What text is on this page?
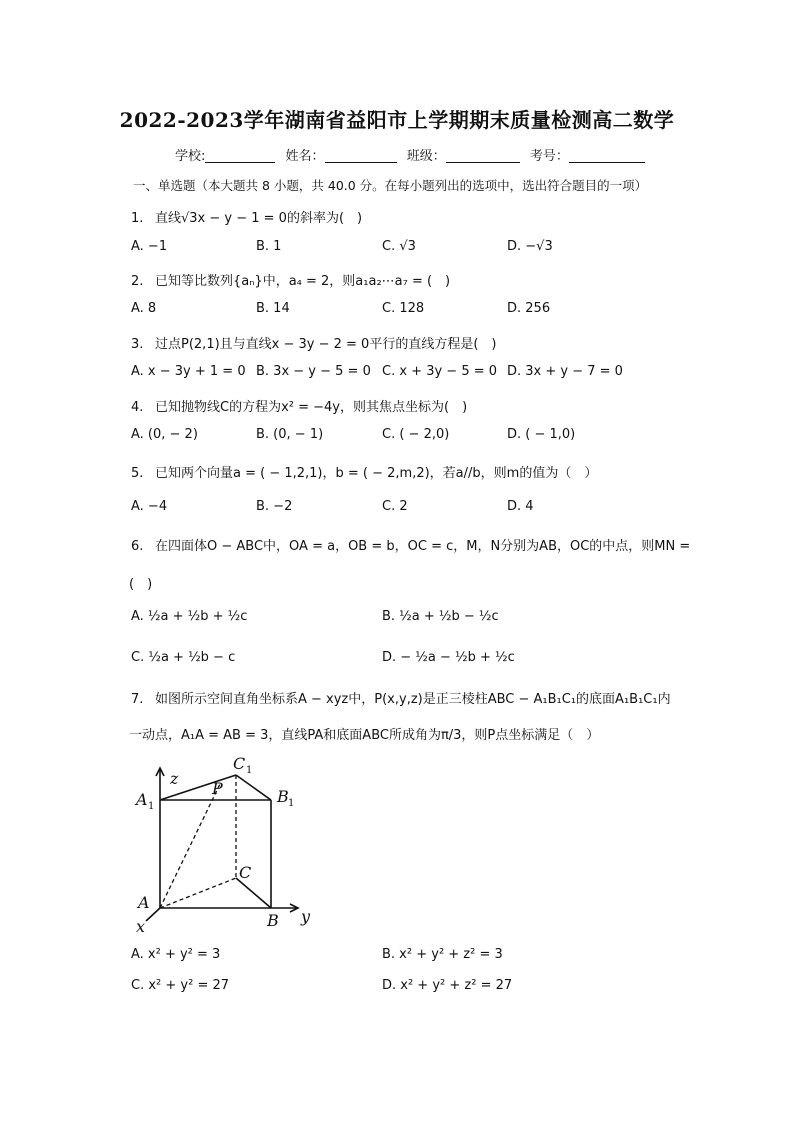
2022-2023学年湖南省益阳市上学期期末质量检测高二数学
学校:	姓名：	班级：	考号：
一、单选题（本大题共 8 小题，共 40.0 分。在每小题列出的选项中，选出符合题目的一项）
1. 直线√3x − y − 1 = 0的斜率为(　)
A. −1	B. 1	C. √3	D. −√3
2. 已知等比数列{aₙ}中，a₄ = 2，则a₁a₂⋯a₇ = (　)
A. 8	B. 14	C. 128	D. 256
3. 过点P(2,1)且与直线x − 3y − 2 = 0平行的直线方程是(　)
A. x − 3y + 1 = 0 B. 3x − y − 5 = 0 C. x + 3y − 5 = 0 D. 3x + y − 7 = 0
4. 已知抛物线C的方程为x² = −4y，则其焦点坐标为(　)
A. (0, − 2)	B. (0, − 1)	C. ( − 2,0)	D. ( − 1,0)
5. 已知两个向量a = ( − 1,2,1)，b = ( − 2,m,2)，若a//b，则m的值为（　）
A. −4	B. −2	C. 2	D. 4
6. 在四面体O − ABC中，OA = a，OB = b，OC = c，M，N分别为AB，OC的中点，则MN =
(　)
A. ½a + ½b + ½c	B. ½a + ½b − ½c
C. ½a + ½b − c	D. − ½a − ½b + ½c
7. 如图所示空间直角坐标系A − xyz中，P(x,y,z)是正三棱柱ABC − A₁B₁C₁的底面A₁B₁C₁内
一动点，A₁A = AB = 3，直线PA和底面ABC所成角为π/3，则P点坐标满足（　）
z
C 1
A 1
P	B 1
C
A
B y
x
A. x² + y² = 3	B. x² + y² + z² = 3
C. x² + y² = 27	D. x² + y² + z² = 27
